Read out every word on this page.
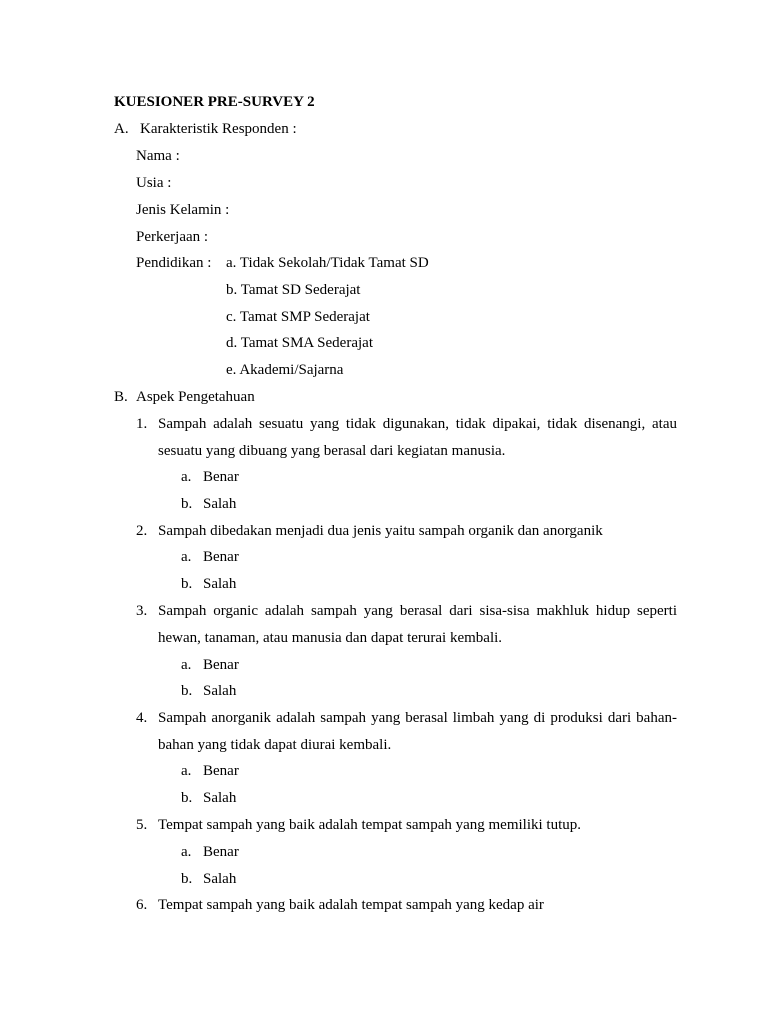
KUESIONER PRE-SURVEY 2
A. Karakteristik Responden :
Nama :
Usia :
Jenis Kelamin :
Perkerjaan :
Pendidikan : a. Tidak Sekolah/Tidak Tamat SD
b. Tamat SD Sederajat
c. Tamat SMP Sederajat
d. Tamat SMA Sederajat
e. Akademi/Sajarna
B. Aspek Pengetahuan
1. Sampah adalah sesuatu yang tidak digunakan, tidak dipakai, tidak disenangi, atau
sesuatu yang dibuang yang berasal dari kegiatan manusia.
a. Benar
b. Salah
2. Sampah dibedakan menjadi dua jenis yaitu sampah organik dan anorganik
a. Benar
b. Salah
3. Sampah organic adalah sampah yang berasal dari sisa-sisa makhluk hidup seperti
hewan, tanaman, atau manusia dan dapat terurai kembali.
a. Benar
b. Salah
4. Sampah anorganik adalah sampah yang berasal limbah yang di produksi dari bahan-
bahan yang tidak dapat diurai kembali.
a. Benar
b. Salah
5. Tempat sampah yang baik adalah tempat sampah yang memiliki tutup.
a. Benar
b. Salah
6. Tempat sampah yang baik adalah tempat sampah yang kedap air
